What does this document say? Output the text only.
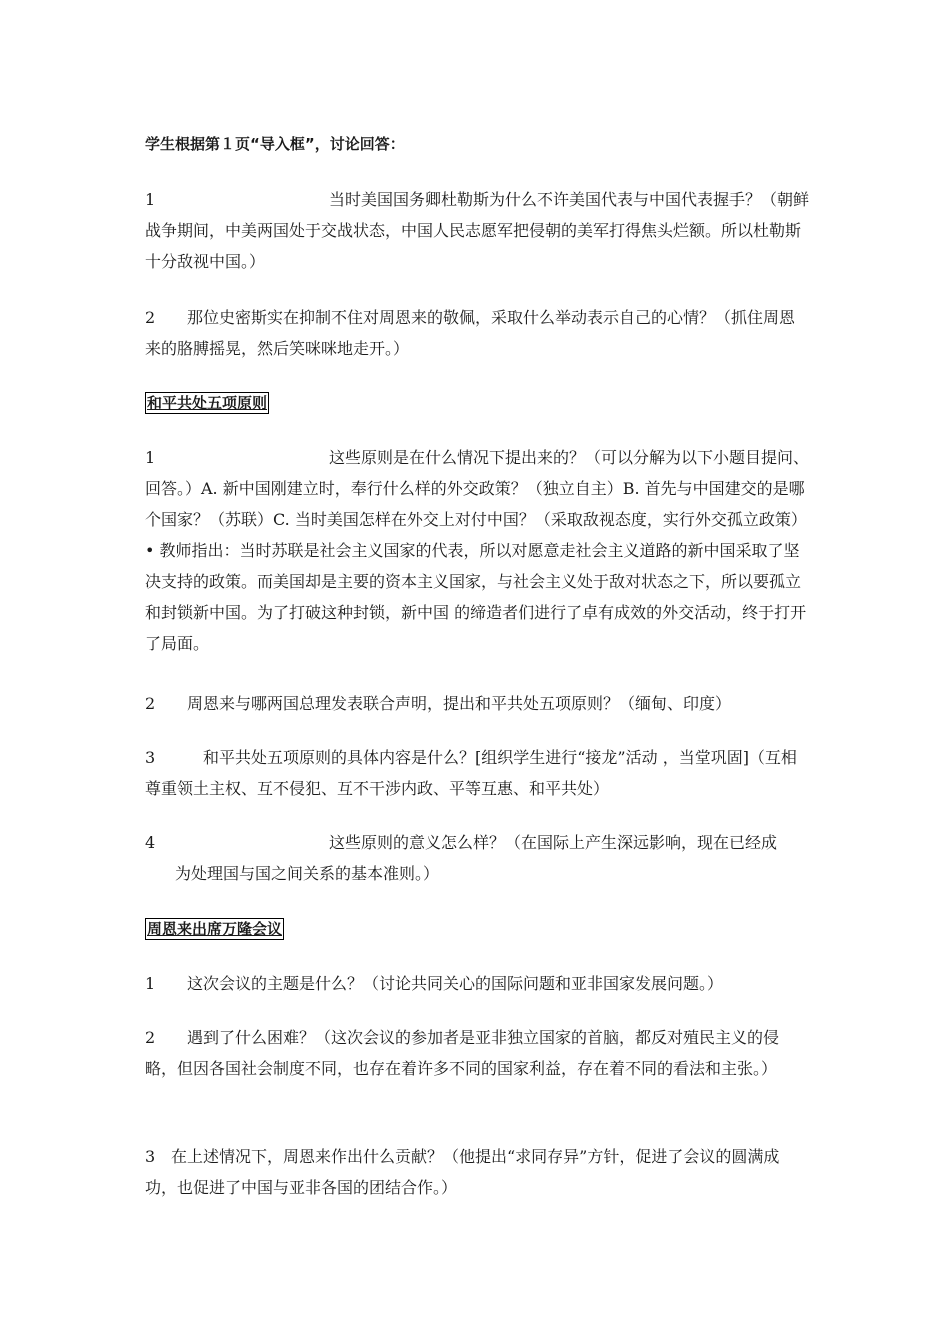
学生根据第１页“导入框”，讨论回答：
1	当时美国国务卿杜勒斯为什么不许美国代表与中国代表握手？（朝鲜战争期间，中美两国处于交战状态，中国人民志愿军把侵朝的美军打得焦头烂额。所以杜勒斯十分敌视中国。）
2 那位史密斯实在抑制不住对周恩来的敬佩，采取什么举动表示自己的心情？（抓住周恩来的胳膊摇晃，然后笑咪咪地走开。）
和平共处五项原则
1	这些原则是在什么情况下提出来的？（可以分解为以下小题目提问、回答。）A. 新中国刚建立时，奉行什么样的外交政策？（独立自主）B. 首先与中国建交的是哪个国家？（苏联）C. 当时美国怎样在外交上对付中国？（采取敌视态度，实行外交孤立政策）• 教师指出：当时苏联是社会主义国家的代表，所以对愿意走社会主义道路的新中国采取了坚决支持的政策。而美国却是主要的资本主义国家，与社会主义处于敌对状态之下，所以要孤立和封锁新中国。为了打破这种封锁，新中国 的缔造者们进行了卓有成效的外交活动，终于打开了局面。
2 周恩来与哪两国总理发表联合声明，提出和平共处五项原则？（缅甸、印度）
3	和平共处五项原则的具体内容是什么？[组织学生进行“接龙”活动 ，当堂巩固]（互相尊重领土主权、互不侵犯、互不干涉内政、平等互惠、和平共处）
4	这些原则的意义怎么样？（在国际上产生深远影响，现在已经成
为处理国与国之间关系的基本准则。）
周恩来出席万隆会议
1 这次会议的主题是什么？（讨论共同关心的国际问题和亚非国家发展问题。）
2 遇到了什么困难？（这次会议的参加者是亚非独立国家的首脑，都反对殖民主义的侵略，但因各国社会制度不同，也存在着许多不同的国家利益，存在着不同的看法和主张。）
3 在上述情况下，周恩来作出什么贡献？（他提出“求同存异”方针，促进了会议的圆满成功，也促进了中国与亚非各国的团结合作。）
